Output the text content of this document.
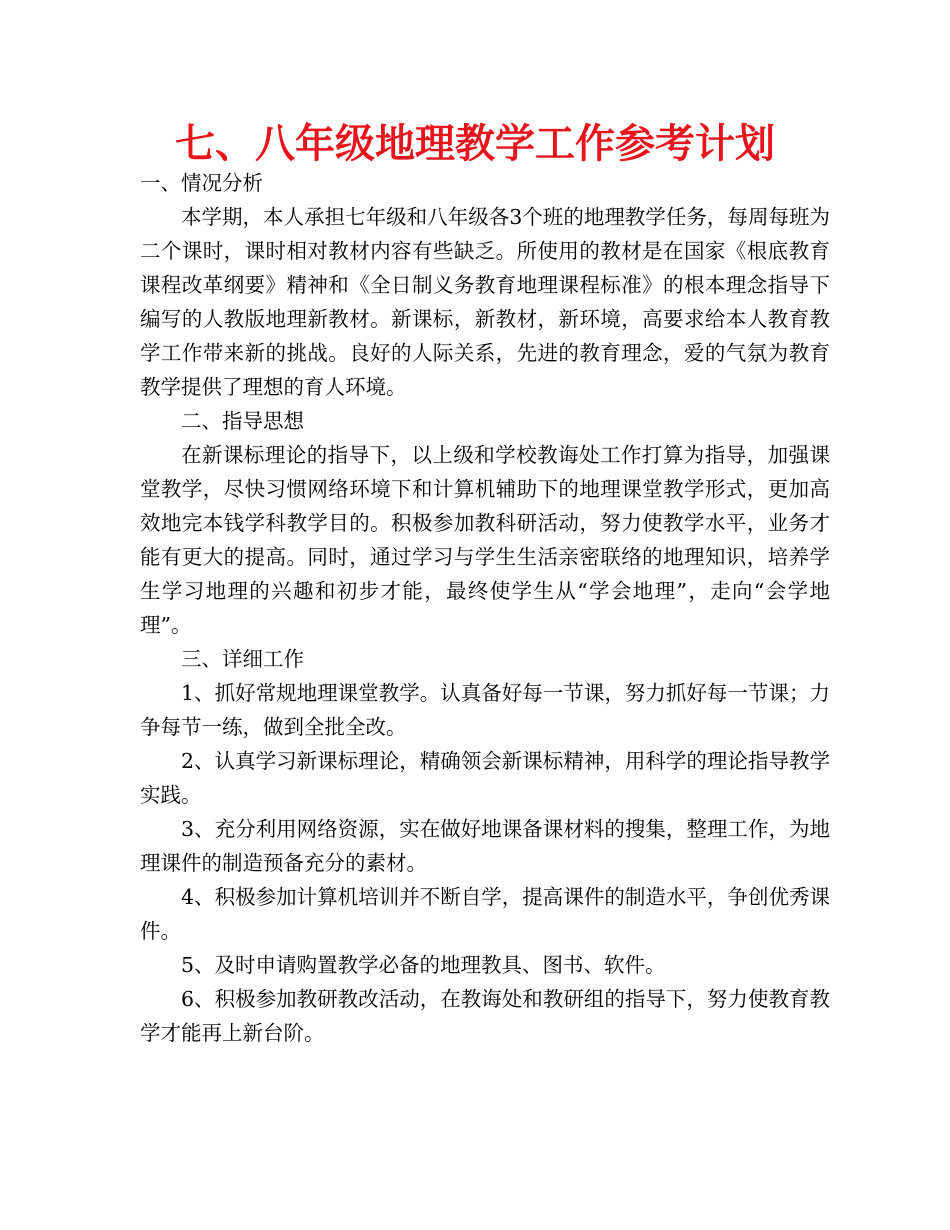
七、八年级地理教学工作参考计划

一、情况分析

本学期，本人承担七年级和八年级各3个班的地理教学任务，每周每班为二个课时，课时相对教材内容有些缺乏。所使用的教材是在国家《根底教育课程改革纲要》精神和《全日制义务教育地理课程标准》的根本理念指导下编写的人教版地理新教材。新课标，新教材，新环境，高要求给本人教育教学工作带来新的挑战。良好的人际关系，先进的教育理念，爱的气氛为教育教学提供了理想的育人环境。

二、指导思想

在新课标理论的指导下，以上级和学校教诲处工作打算为指导，加强课堂教学，尽快习惯网络环境下和计算机辅助下的地理课堂教学形式，更加高效地完本钱学科教学目的。积极参加教科研活动，努力使教学水平，业务才能有更大的提高。同时，通过学习与学生生活亲密联络的地理知识，培养学生学习地理的兴趣和初步才能，最终使学生从“学会地理”，走向“会学地理”。

三、详细工作

1、抓好常规地理课堂教学。认真备好每一节课，努力抓好每一节课；力争每节一练，做到全批全改。

2、认真学习新课标理论，精确领会新课标精神，用科学的理论指导教学实践。

3、充分利用网络资源，实在做好地课备课材料的搜集，整理工作，为地理课件的制造预备充分的素材。

4、积极参加计算机培训并不断自学，提高课件的制造水平，争创优秀课件。

5、及时申请购置教学必备的地理教具、图书、软件。

6、积极参加教研教改活动，在教诲处和教研组的指导下，努力使教育教学才能再上新台阶。
